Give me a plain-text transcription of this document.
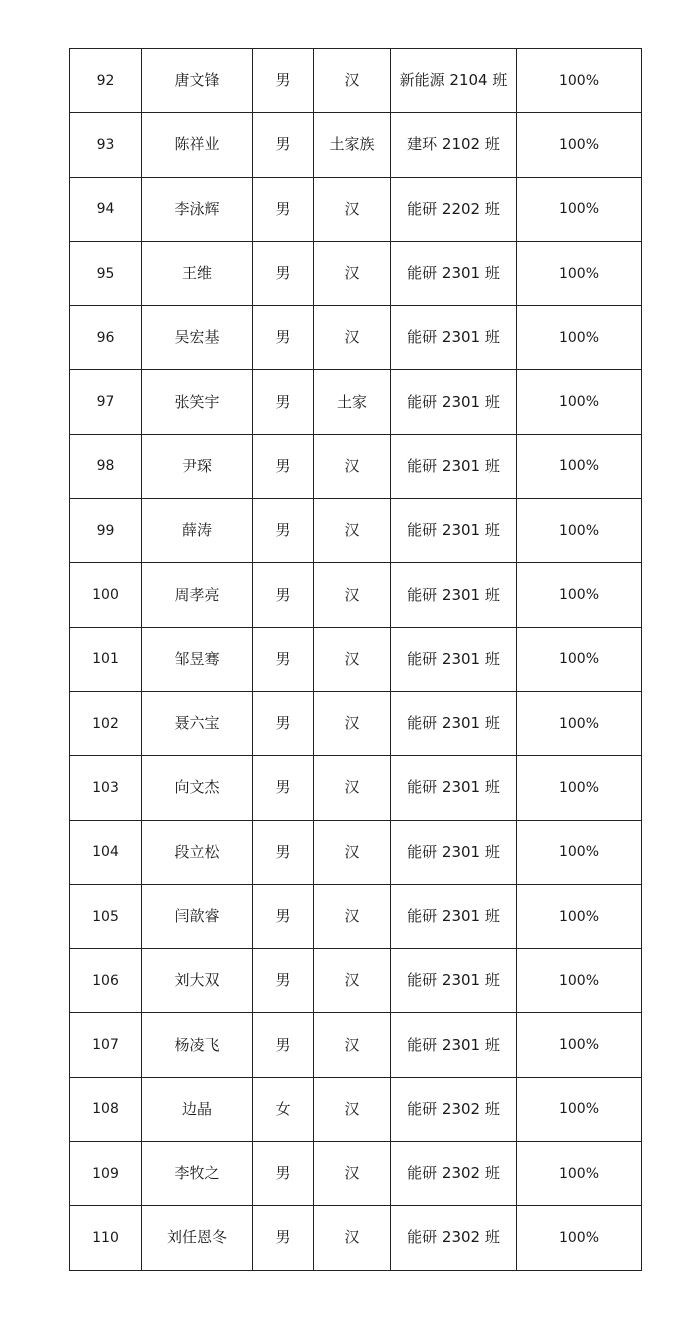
92	唐文锋	男	汉	新能源 2104 班	100%
93	陈祥业	男	土家族	建环 2102 班	100%
94	李泳辉	男	汉	能研 2202 班	100%
95	王维	男	汉	能研 2301 班	100%
96	吴宏基	男	汉	能研 2301 班	100%
97	张笑宇	男	土家	能研 2301 班	100%
98	尹琛	男	汉	能研 2301 班	100%
99	薛涛	男	汉	能研 2301 班	100%
100	周孝亮	男	汉	能研 2301 班	100%
101	邹昱骞	男	汉	能研 2301 班	100%
102	聂六宝	男	汉	能研 2301 班	100%
103	向文杰	男	汉	能研 2301 班	100%
104	段立松	男	汉	能研 2301 班	100%
105	闫歆睿	男	汉	能研 2301 班	100%
106	刘大双	男	汉	能研 2301 班	100%
107	杨凌飞	男	汉	能研 2301 班	100%
108	边晶	女	汉	能研 2302 班	100%
109	李牧之	男	汉	能研 2302 班	100%
110	刘任恩冬	男	汉	能研 2302 班	100%
